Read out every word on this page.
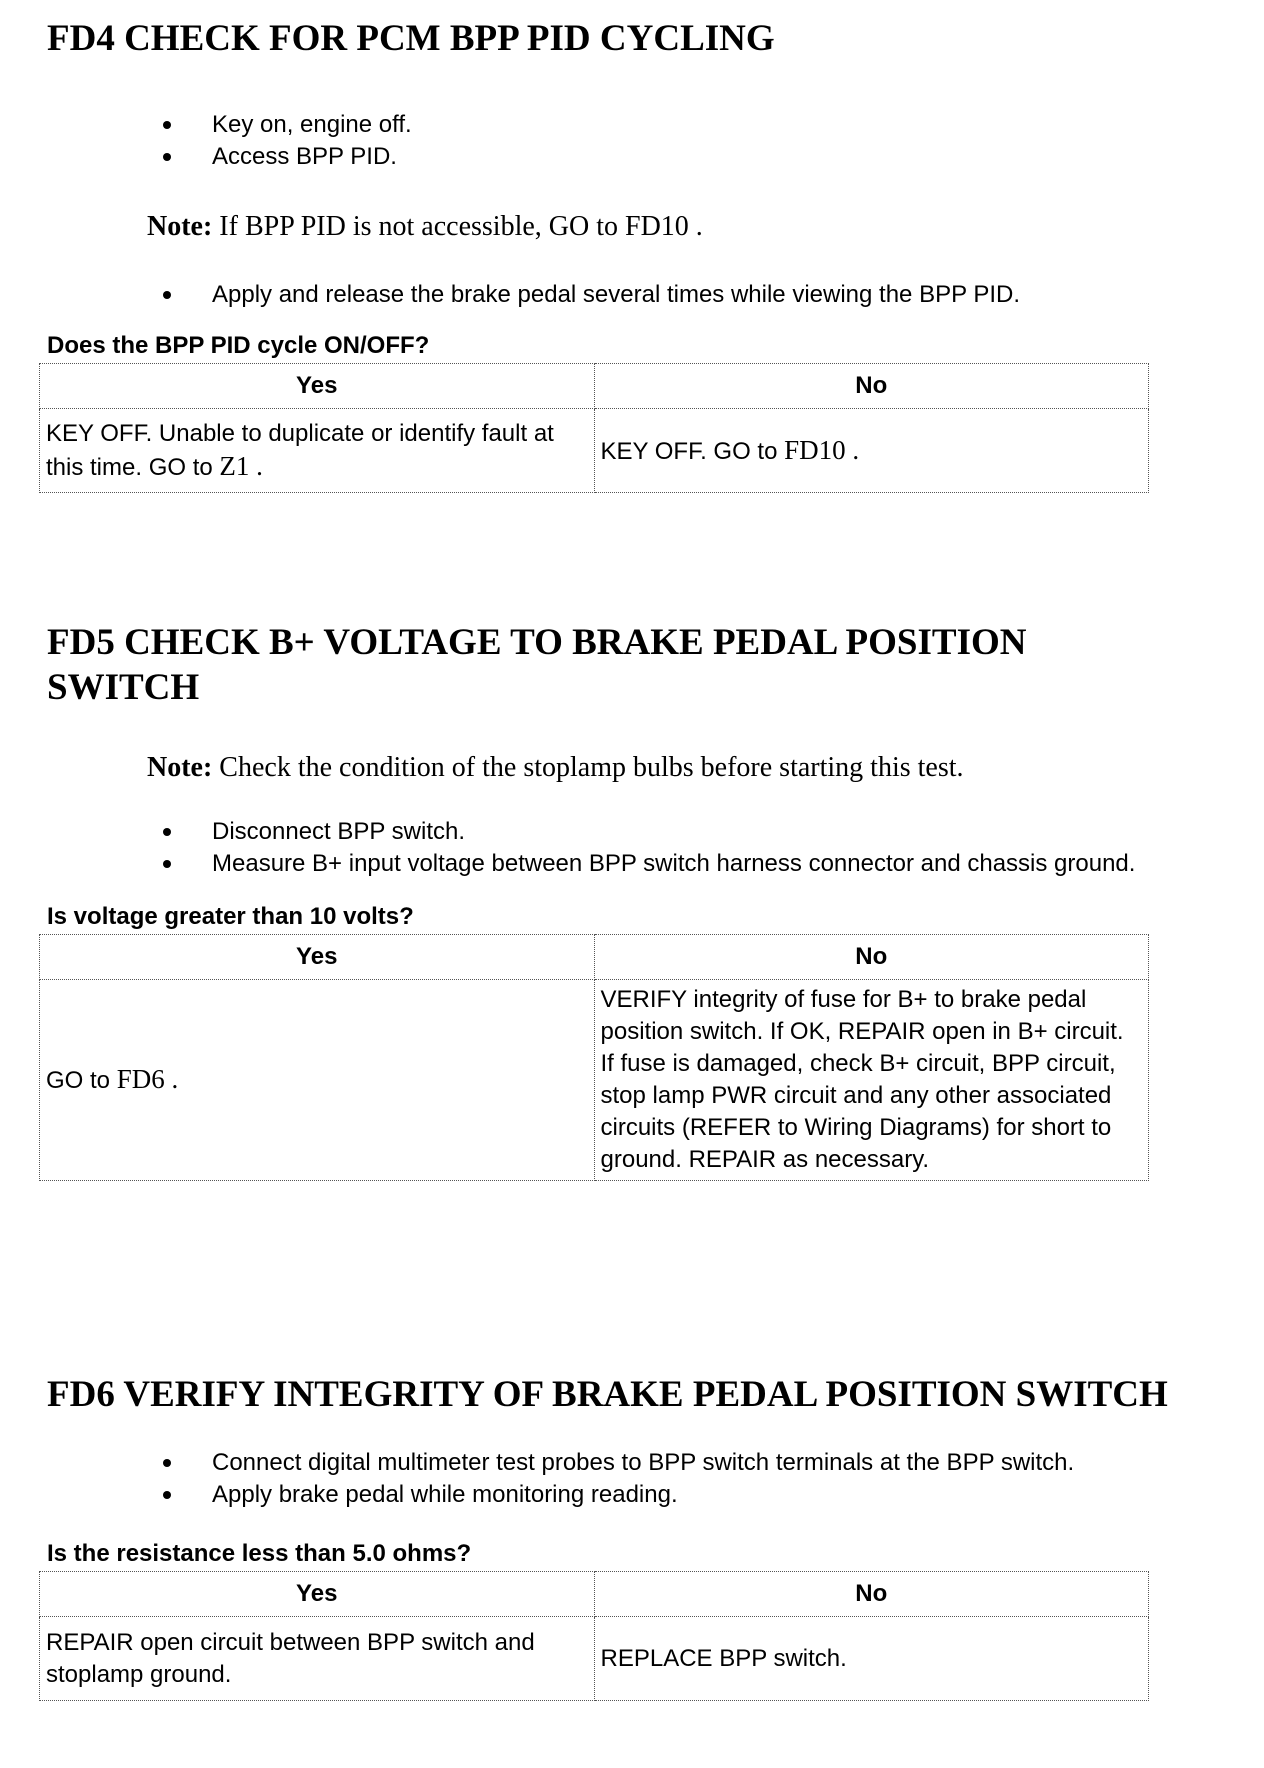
FD4 CHECK FOR PCM BPP PID CYCLING
Key on, engine off.
Access BPP PID.
Note: If BPP PID is not accessible, GO to FD10 .
Apply and release the brake pedal several times while viewing the BPP PID.
Does the BPP PID cycle ON/OFF?
Yes	No
KEY OFF. Unable to duplicate or identify fault at this time. GO to Z1 .	KEY OFF. GO to FD10 .
FD5 CHECK B+ VOLTAGE TO BRAKE PEDAL POSITION
SWITCH
Note: Check the condition of the stoplamp bulbs before starting this test.
Disconnect BPP switch.
Measure B+ input voltage between BPP switch harness connector and chassis ground.
Is voltage greater than 10 volts?
Yes	No
GO to FD6 .	VERIFY integrity of fuse for B+ to brake pedal position switch. If OK, REPAIR open in B+ circuit. If fuse is damaged, check B+ circuit, BPP circuit, stop lamp PWR circuit and any other associated circuits (REFER to Wiring Diagrams) for short to ground. REPAIR as necessary.
FD6 VERIFY INTEGRITY OF BRAKE PEDAL POSITION SWITCH
Connect digital multimeter test probes to BPP switch terminals at the BPP switch.
Apply brake pedal while monitoring reading.
Is the resistance less than 5.0 ohms?
Yes	No
REPAIR open circuit between BPP switch and stoplamp ground.	REPLACE BPP switch.
